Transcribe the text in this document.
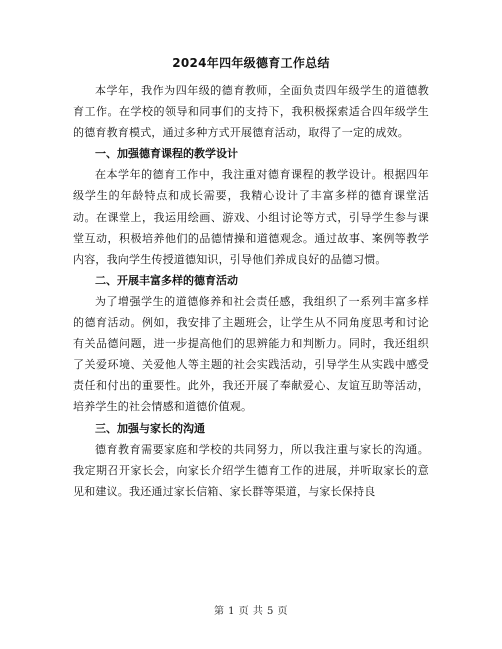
2024年四年级德育工作总结

本学年，我作为四年级的德育教师，全面负责四年级学生的道德教育工作。在学校的领导和同事们的支持下，我积极探索适合四年级学生的德育教育模式，通过多种方式开展德育活动，取得了一定的成效。

一、加强德育课程的教学设计

在本学年的德育工作中，我注重对德育课程的教学设计。根据四年级学生的年龄特点和成长需要，我精心设计了丰富多样的德育课堂活动。在课堂上，我运用绘画、游戏、小组讨论等方式，引导学生参与课堂互动，积极培养他们的品德情操和道德观念。通过故事、案例等教学内容，我向学生传授道德知识，引导他们养成良好的品德习惯。

二、开展丰富多样的德育活动

为了增强学生的道德修养和社会责任感，我组织了一系列丰富多样的德育活动。例如，我安排了主题班会，让学生从不同角度思考和讨论有关品德问题，进一步提高他们的思辨能力和判断力。同时，我还组织了关爱环境、关爱他人等主题的社会实践活动，引导学生从实践中感受责任和付出的重要性。此外，我还开展了奉献爱心、友谊互助等活动，培养学生的社会情感和道德价值观。

三、加强与家长的沟通

德育教育需要家庭和学校的共同努力，所以我注重与家长的沟通。我定期召开家长会，向家长介绍学生德育工作的进展，并听取家长的意见和建议。我还通过家长信箱、家长群等渠道，与家长保持良

第 1 页 共 5 页
